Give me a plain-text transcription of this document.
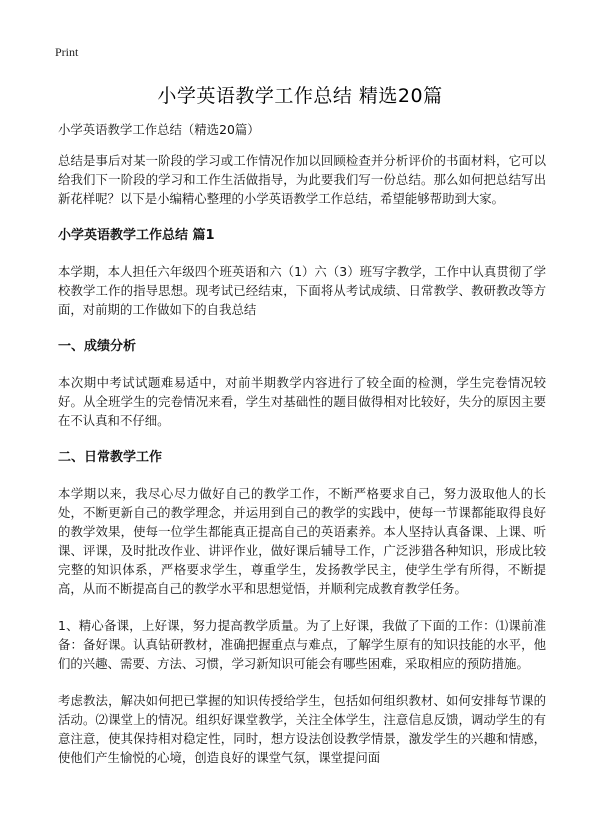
Print
小学英语教学工作总结 精选20篇

小学英语教学工作总结（精选20篇）

总结是事后对某一阶段的学习或工作情况作加以回顾检查并分析评价的书面材料，它可以给我们下一阶段的学习和工作生活做指导，为此要我们写一份总结。那么如何把总结写出新花样呢？以下是小编精心整理的小学英语教学工作总结，希望能够帮助到大家。

小学英语教学工作总结 篇1

本学期，本人担任六年级四个班英语和六（1）六（3）班写字教学，工作中认真贯彻了学校教学工作的指导思想。现考试已经结束，下面将从考试成绩、日常教学、教研教改等方面，对前期的工作做如下的自我总结

一、成绩分析

本次期中考试试题难易适中，对前半期教学内容进行了较全面的检测，学生完卷情况较好。从全班学生的完卷情况来看，学生对基础性的题目做得相对比较好，失分的原因主要在不认真和不仔细。

二、日常教学工作

本学期以来，我尽心尽力做好自己的教学工作，不断严格要求自己，努力汲取他人的长处，不断更新自己的教学理念，并运用到自己的教学的实践中，使每一节课都能取得良好的教学效果，使每一位学生都能真正提高自己的英语素养。本人坚持认真备课、上课、听课、评课，及时批改作业、讲评作业，做好课后辅导工作，广泛涉猎各种知识，形成比较完整的知识体系，严格要求学生，尊重学生，发扬教学民主，使学生学有所得，不断提高，从而不断提高自己的教学水平和思想觉悟，并顺利完成教育教学任务。

1、精心备课，上好课，努力提高教学质量。为了上好课，我做了下面的工作：⑴课前准备：备好课。认真钻研教材，准确把握重点与难点，了解学生原有的知识技能的水平，他们的兴趣、需要、方法、习惯，学习新知识可能会有哪些困难，采取相应的预防措施。

考虑教法，解决如何把已掌握的知识传授给学生，包括如何组织教材、如何安排每节课的活动。⑵课堂上的情况。组织好课堂教学，关注全体学生，注意信息反馈，调动学生的有意注意，使其保持相对稳定性，同时，想方设法创设教学情景，激发学生的兴趣和情感，使他们产生愉悦的心境，创造良好的课堂气氛，课堂提问面
